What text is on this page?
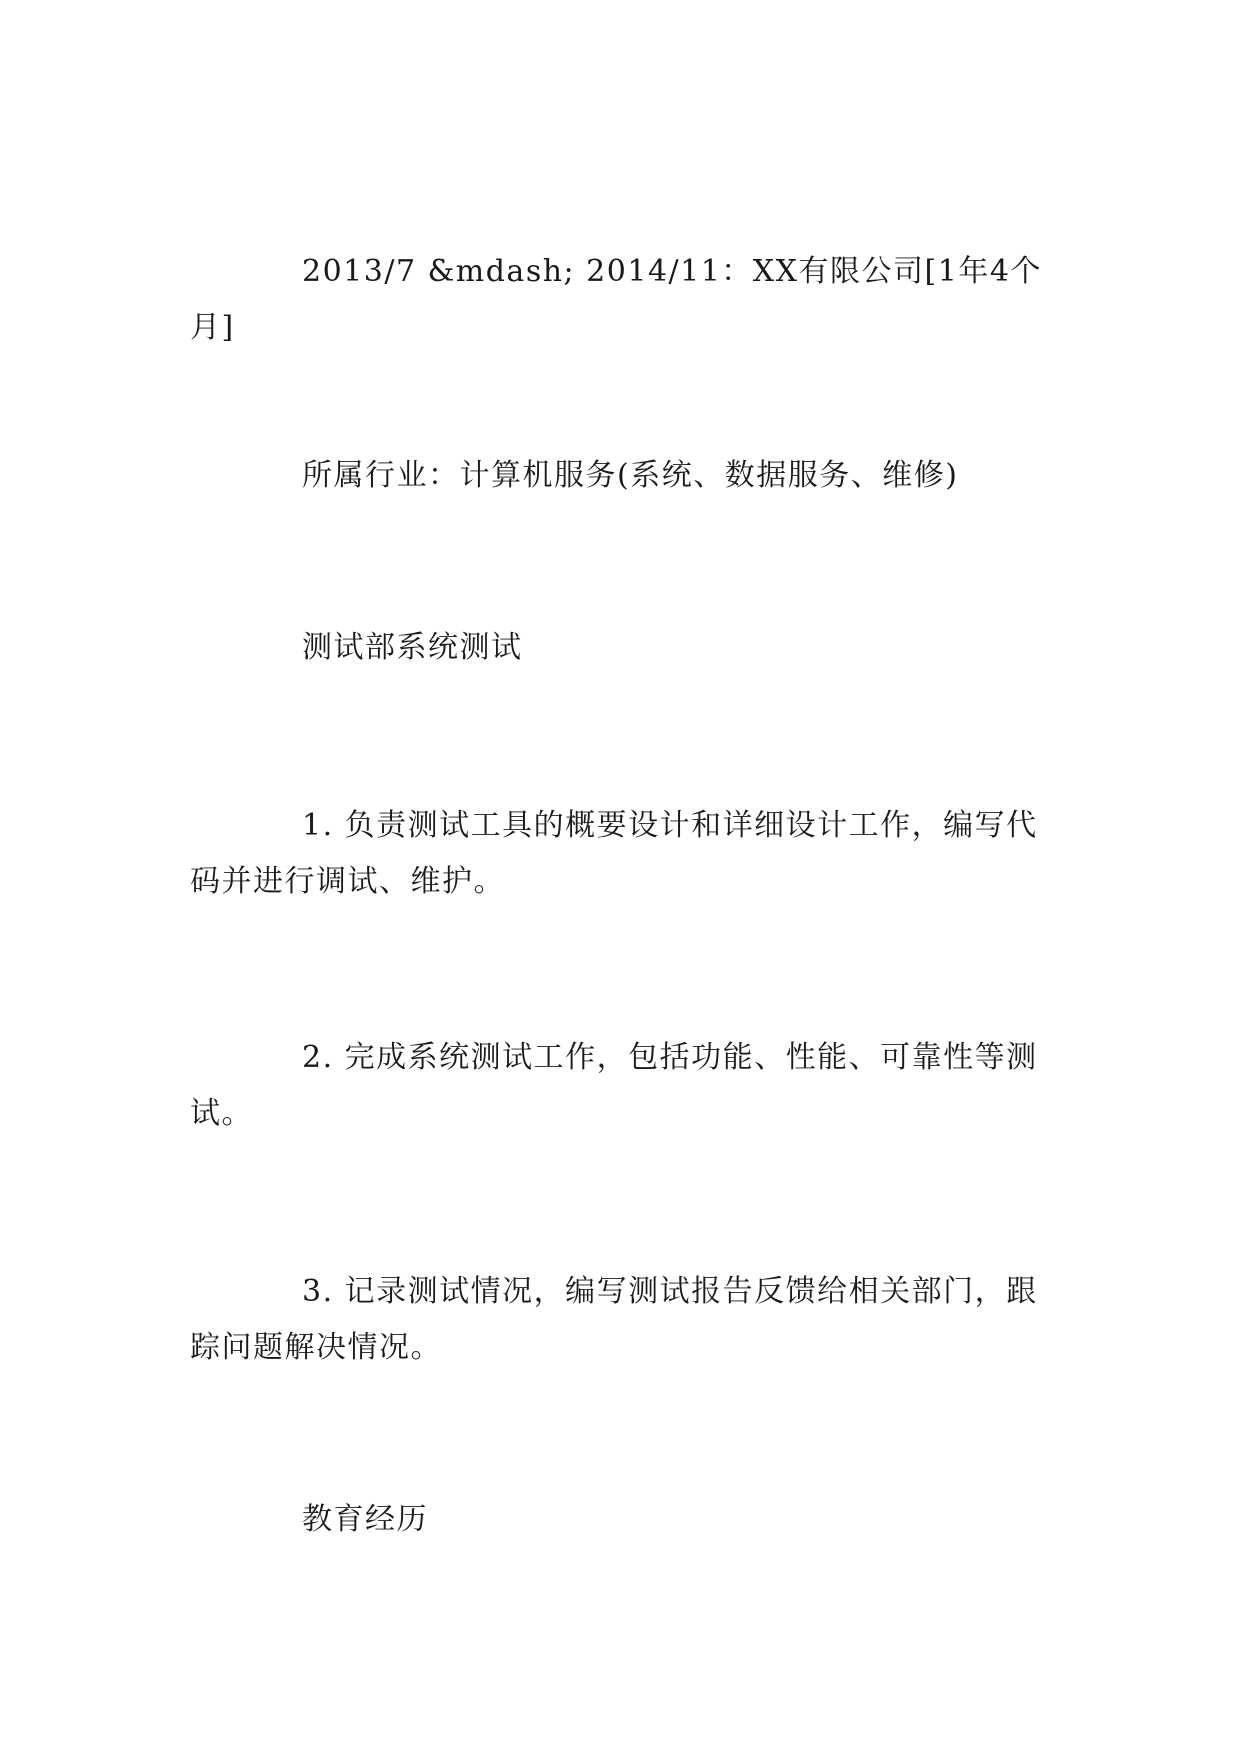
2013/7 &mdash; 2014/11：XX有限公司[1年4个月]

所属行业：计算机服务(系统、数据服务、维修)

测试部系统测试

1. 负责测试工具的概要设计和详细设计工作，编写代码并进行调试、维护。

2. 完成系统测试工作，包括功能、性能、可靠性等测试。

3. 记录测试情况，编写测试报告反馈给相关部门，跟踪问题解决情况。

教育经历
